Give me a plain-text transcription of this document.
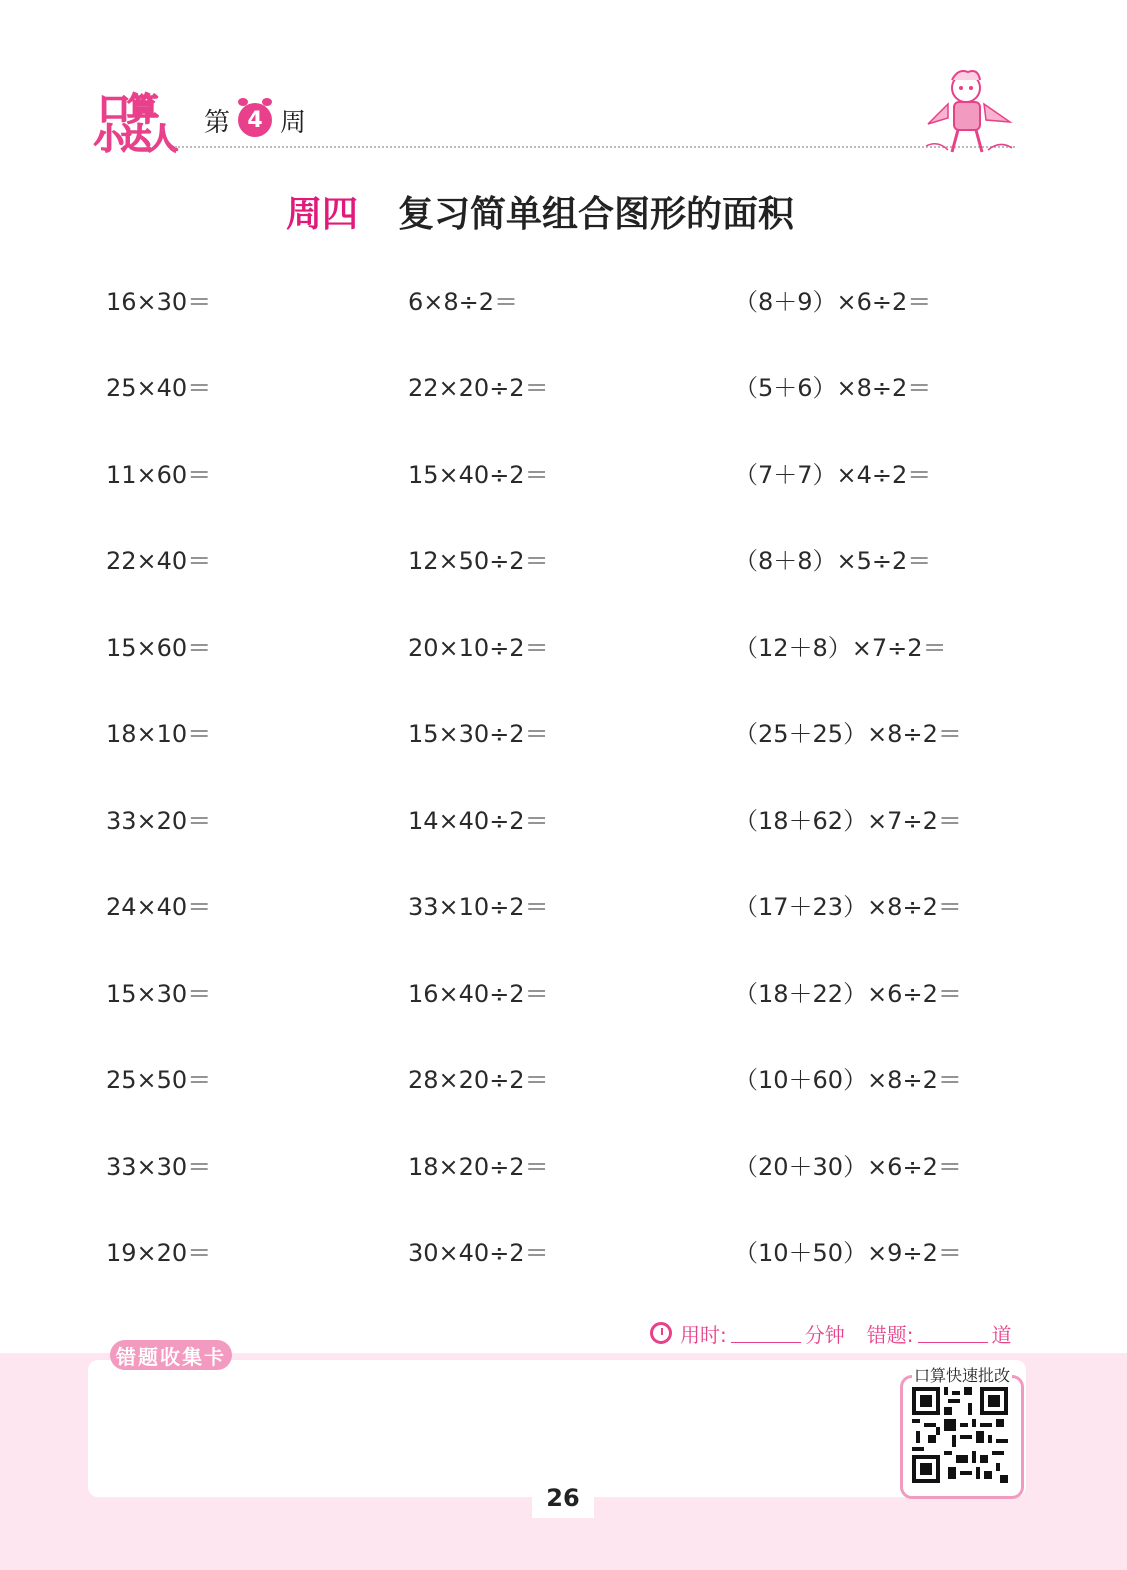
口算
小达人 第 4 周
周四 复习简单组合图形的面积
16×30＝	6×8÷2＝	（8＋9）×6÷2＝
25×40＝	22×20÷2＝	（5＋6）×8÷2＝
11×60＝	15×40÷2＝	（7＋7）×4÷2＝
22×40＝	12×50÷2＝	（8＋8）×5÷2＝
15×60＝	20×10÷2＝	（12＋8）×7÷2＝
18×10＝	15×30÷2＝	（25＋25）×8÷2＝
33×20＝	14×40÷2＝	（18＋62）×7÷2＝
24×40＝	33×10÷2＝	（17＋23）×8÷2＝
15×30＝	16×40÷2＝	（18＋22）×6÷2＝
25×50＝	28×20÷2＝	（10＋60）×8÷2＝
33×30＝	18×20÷2＝	（20＋30）×6÷2＝
19×20＝	30×40÷2＝	（10＋50）×9÷2＝
用时:	分钟 错题:	道
错题收集卡
口算快速批改
26
